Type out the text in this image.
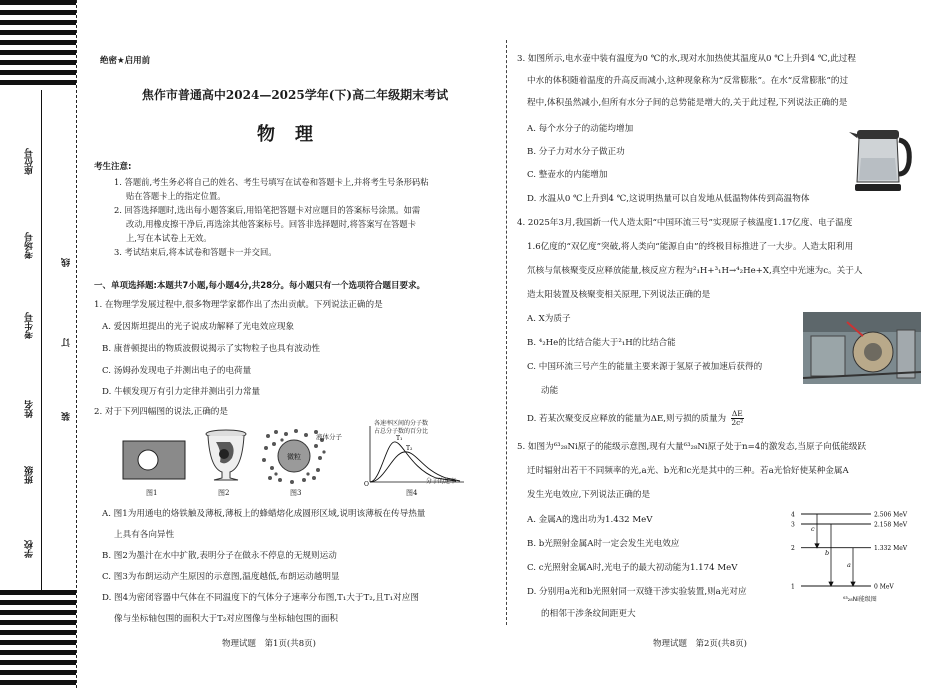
座位号
考场号
考生号
姓名
班级
学校
线
订
装
绝密★启用前
焦作市普通高中2024—2025学年(下)高二年级期末考试
物理
考生注意:
1. 答题前,考生务必将自己的姓名、考生号填写在试卷和答题卡上,并将考生号条形码粘
贴在答题卡上的指定位置。
2. 回答选择题时,选出每小题答案后,用铅笔把答题卡对应题目的答案标号涂黑。如需
改动,用橡皮擦干净后,再选涂其他答案标号。回答非选择题时,将答案写在答题卡
上,写在本试卷上无效。
3. 考试结束后,将本试卷和答题卡一并交回。
一、单项选择题:本题共7小题,每小题4分,共28分。每小题只有一个选项符合题目要求。
1. 在物理学发展过程中,很多物理学家都作出了杰出贡献。下列说法正确的是
A. 爱因斯坦提出的光子说成功解释了光电效应现象
B. 康普顿提出的物质波假说揭示了实物粒子也具有波动性
C. 汤姆孙发现电子并测出电子的电荷量
D. 牛顿发现万有引力定律并测出引力常量
2. 对于下列四幅图的说法,正确的是
图1	图2
微粒
液体分子
图3
O
T₁
T₂
各速率区间的分子数
占总分子数的百分比
分子的速率
图4
A. 图1为用通电的烙铁触及薄板,薄板上的蜂蜡熔化成圆形区域,说明该薄板在传导热量
上具有各向异性
B. 图2为墨汁在水中扩散,表明分子在做永不停息的无规则运动
C. 图3为布朗运动产生原因的示意图,温度越低,布朗运动越明显
D. 图4为密闭容器中气体在不同温度下的气体分子速率分布图,T₁大于T₂,且T₁对应图
像与坐标轴包围的面积大于T₂对应图像与坐标轴包围的面积
物理试题　第1页(共8页)
3. 如图所示,电水壶中装有温度为0 ℃的水,现对水加热使其温度从0 ℃上升到4 ℃,此过程
中水的体积随着温度的升高反而减小,这种现象称为“反常膨胀”。在水“反常膨胀”的过
程中,体积虽然减小,但所有水分子间的总势能是增大的,关于此过程,下列说法正确的是
A. 每个水分子的动能均增加
B. 分子力对水分子做正功
C. 整壶水的内能增加
D. 水温从0 ℃上升到4 ℃,这说明热量可以自发地从低温物体传到高温物体
4. 2025年3月,我国新一代人造太阳“中国环流三号”实现原子核温度1.17亿度、电子温度
1.6亿度的“双亿度”突破,将人类向“能源自由”的终极目标推进了一大步。人造太阳利用
氘核与氚核聚变反应释放能量,核反应方程为²₁H+³₁H→⁴₂He+X,真空中光速为c。关于人
造太阳装置及核聚变相关原理,下列说法正确的是
A. X为质子
B. ⁴₂He的比结合能大于²₁H的比结合能
C. 中国环流三号产生的能量主要来源于氢原子被加速后获得的
动能
D. 若某次聚变反应释放的能量为ΔE,则亏损的质量为 $\frac{\Delta E}{\text{2c²}}$
5. 如图为⁶³₂₈Ni原子的能级示意图,现有大量⁶³₂₈Ni原子处于n=4的激发态,当原子向低能级跃
迁时辐射出若干不同频率的光,a光、b光和c光是其中的三种。若a光恰好使某种金属A
发生光电效应,下列说法正确的是
A. 金属A的逸出功为1.432 MeV
B. b光照射金属A时一定会发生光电效应
C. c光照射金属A时,光电子的最大初动能为1.174 MeV
D. 分别用a光和b光照射同一双缝干涉实验装置,则a光对应
的相邻干涉条纹间距更大
4	2.506 MeV
3	2.158 MeV
2	1.332 MeV
1	0 MeV
c
b
a
⁶³₂₈Ni能级图
物理试题　第2页(共8页)
